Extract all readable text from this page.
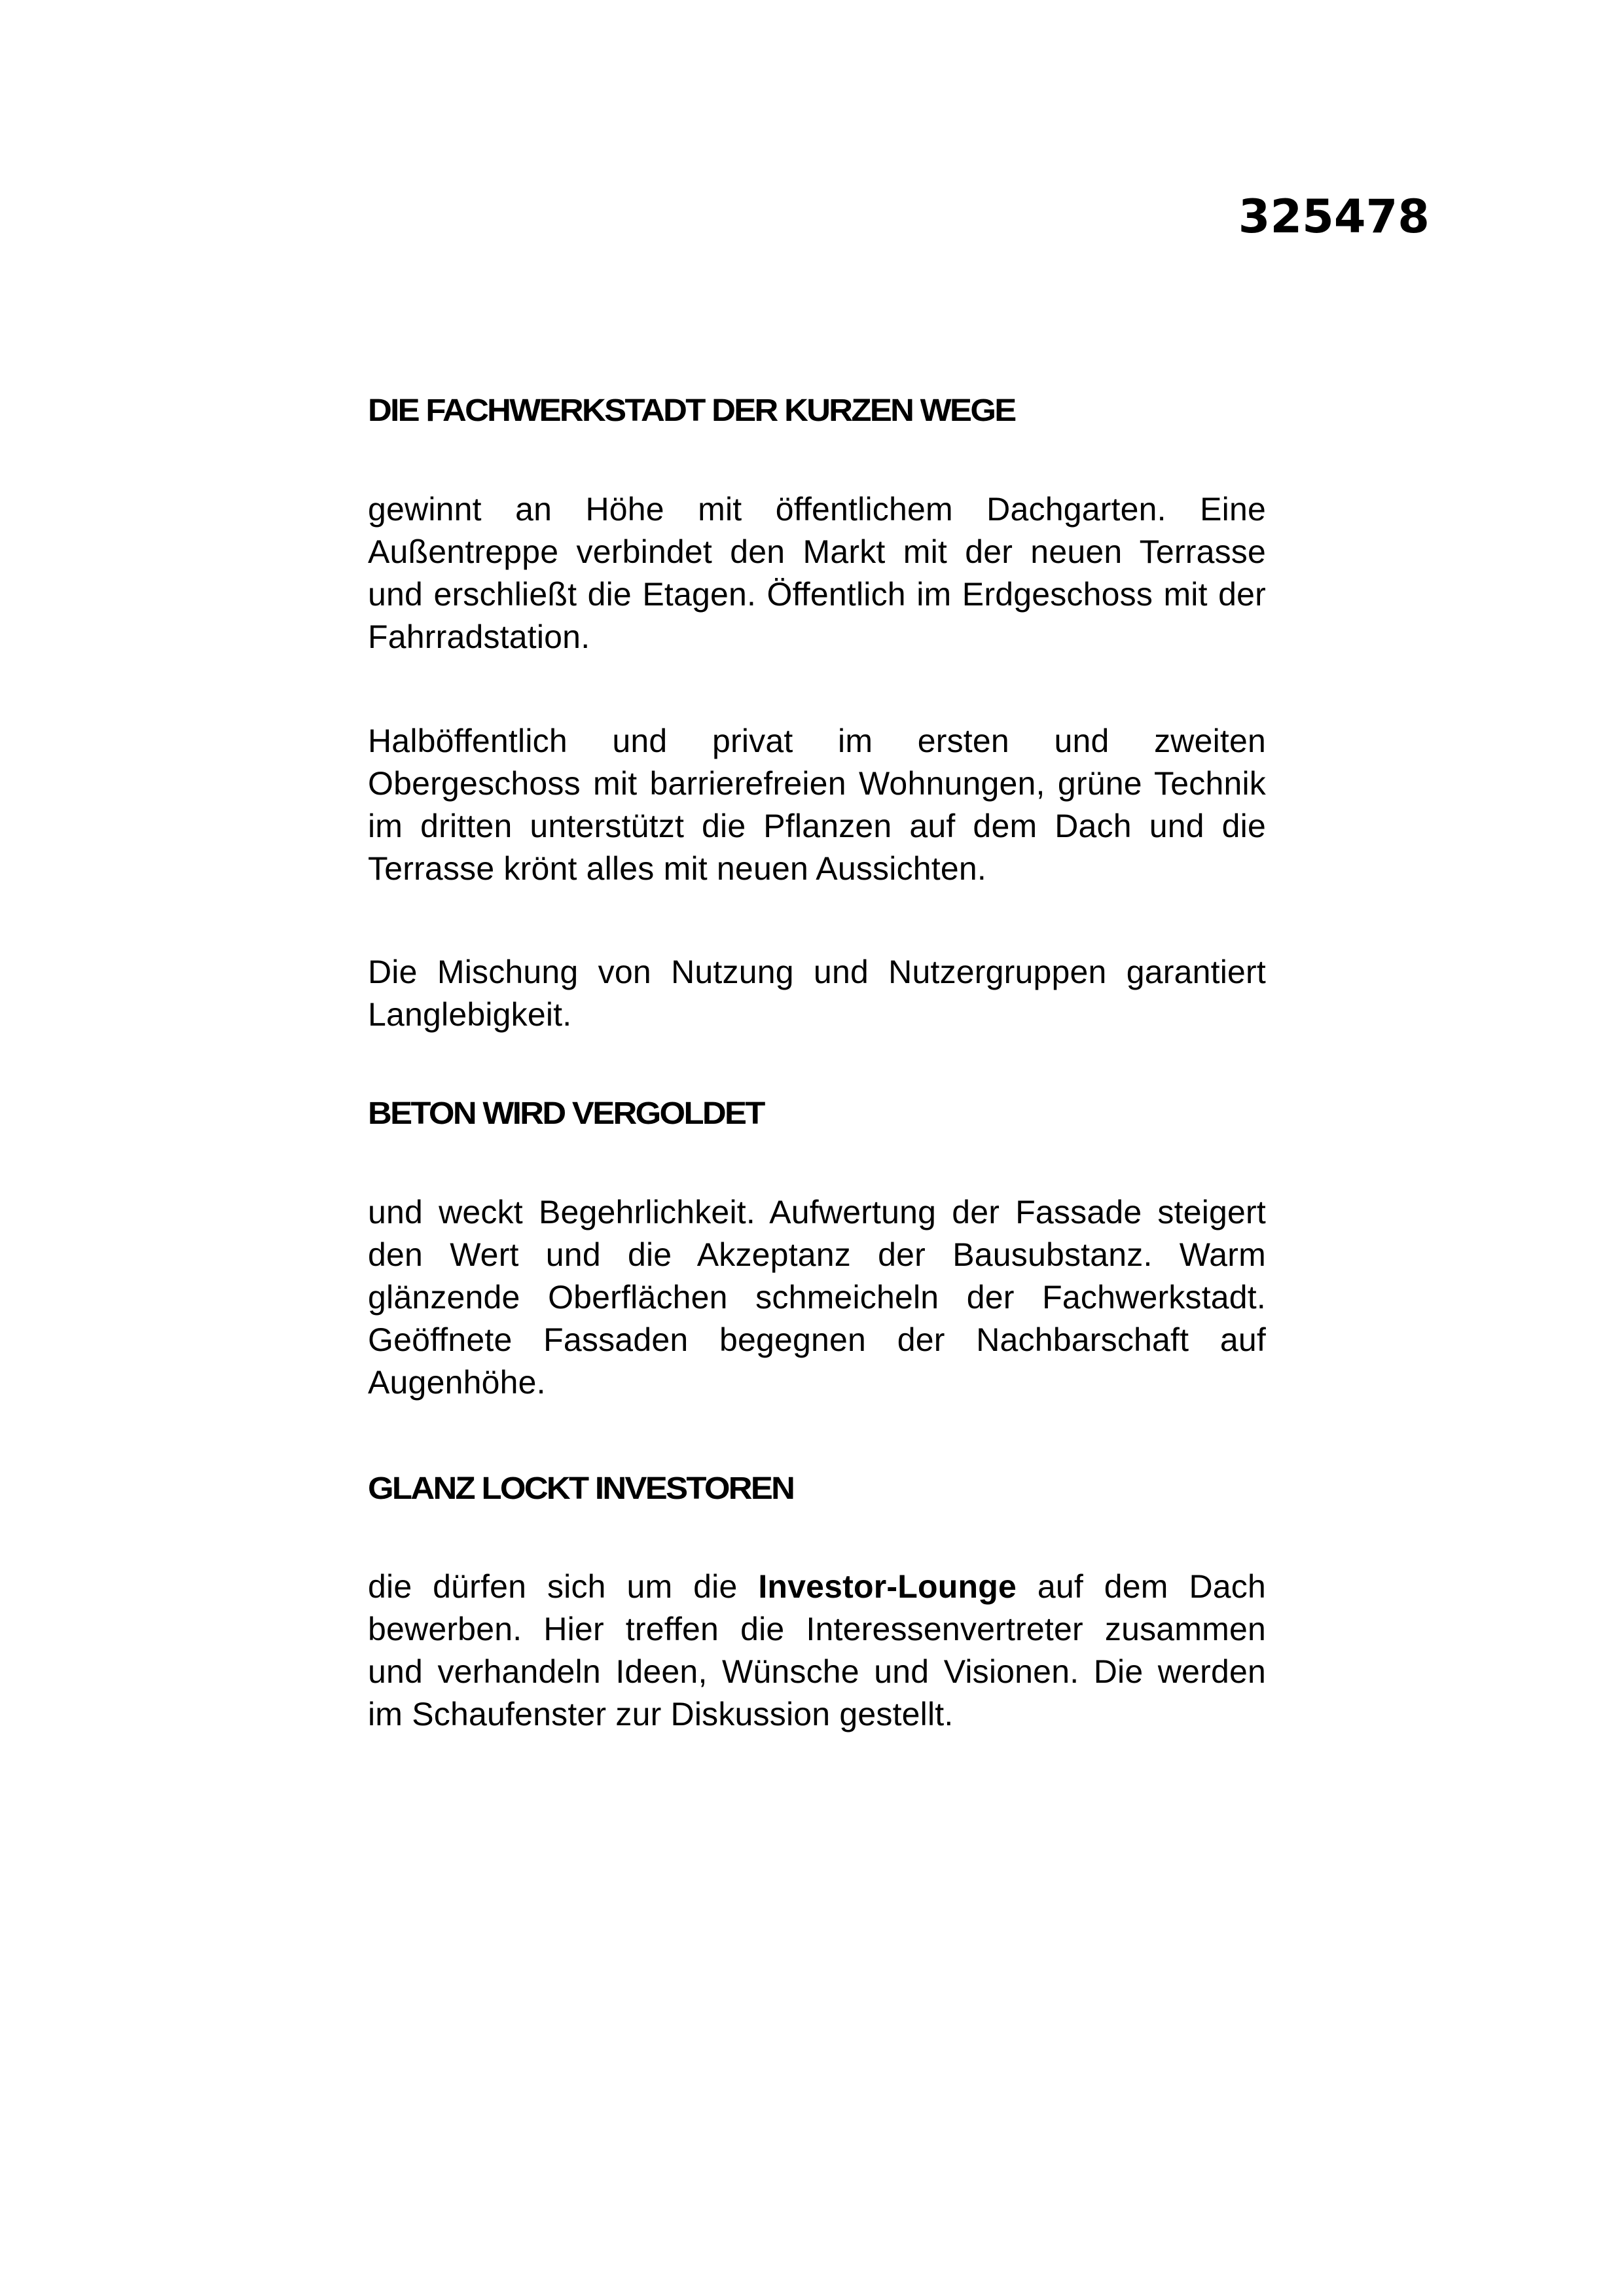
325478

DIE FACHWERKSTADT DER KURZEN WEGE

gewinnt an Höhe mit öffentlichem Dachgarten. Eine Außentreppe verbindet den Markt mit der neuen Terrasse und erschließt die Etagen. Öffentlich im Erdgeschoss mit der Fahrradstation.

Halböffentlich und privat im ersten und zweiten Obergeschoss mit barrierefreien Wohnungen, grüne Technik im dritten unterstützt die Pflanzen auf dem Dach und die Terrasse krönt alles mit neuen Aussichten.

Die Mischung von Nutzung und Nutzergruppen garantiert Langlebigkeit.

BETON WIRD VERGOLDET

und weckt Begehrlichkeit. Aufwertung der Fassade steigert den Wert und die Akzeptanz der Bausubstanz. Warm glänzende Oberflächen schmeicheln der Fachwerkstadt. Geöffnete Fassaden begegnen der Nachbarschaft auf Augenhöhe.

GLANZ LOCKT INVESTOREN

die dürfen sich um die Investor-Lounge auf dem Dach bewerben. Hier treffen die Interessenvertreter zusammen und verhandeln Ideen, Wünsche und Visionen. Die werden im Schaufenster zur Diskussion gestellt.
